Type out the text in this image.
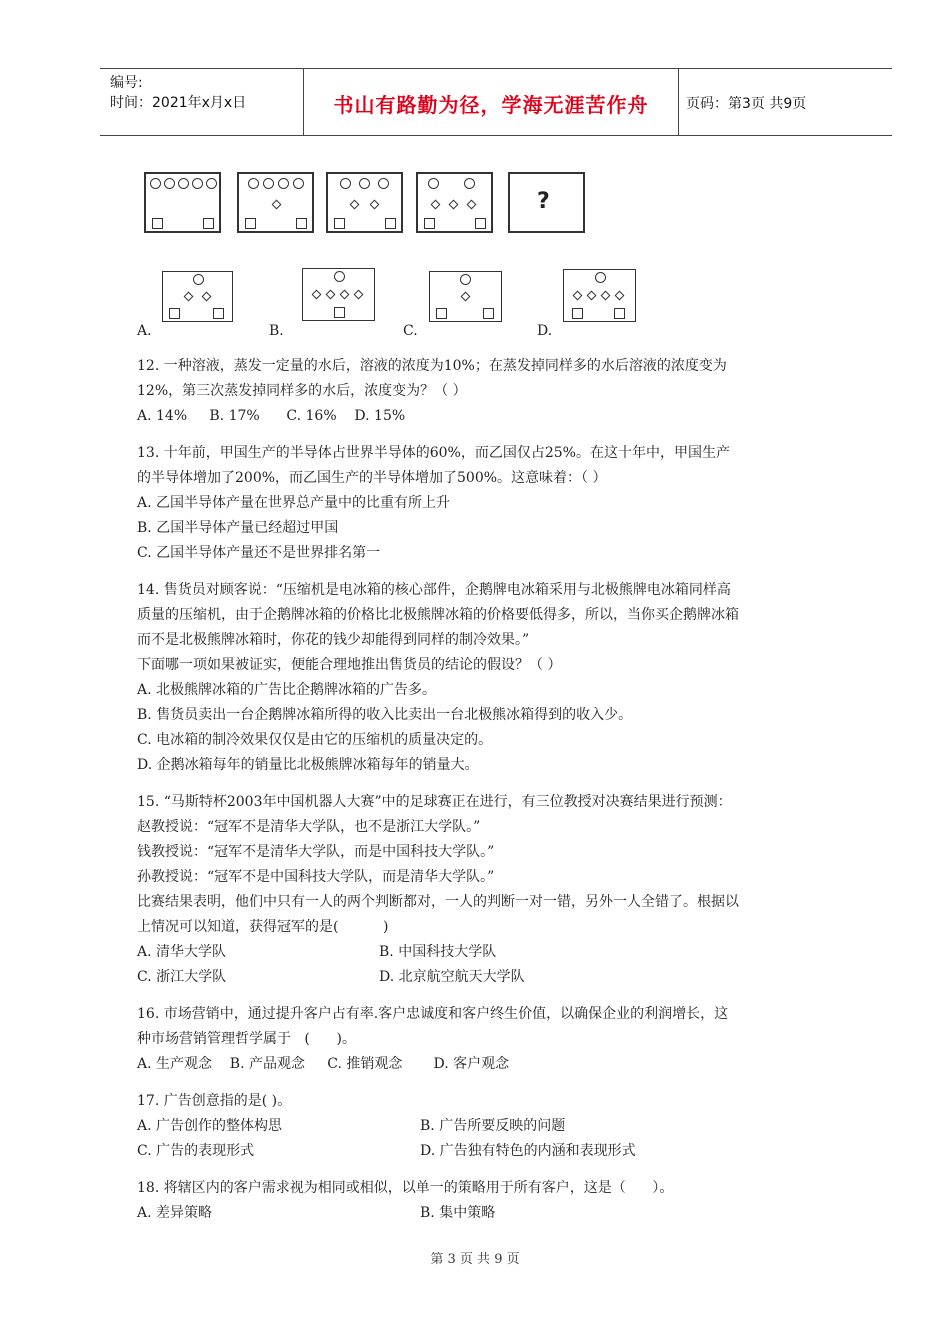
编号:
时间：2021年x月x日	书山有路勤为径，学海无涯苦作舟	页码：第3页 共9页
?
A.	B.	C.	D.
12. 一种溶液，蒸发一定量的水后，溶液的浓度为10%；在蒸发掉同样多的水后溶液的浓度变为
12%，第三次蒸发掉同样多的水后，浓度变为？（ ）
A. 14%     B. 17%      C. 16%    D. 15%
13. 十年前，甲国生产的半导体占世界半导体的60%，而乙国仅占25%。在这十年中，甲国生产
的半导体增加了200%，而乙国生产的半导体增加了500%。这意味着：（ ）
A. 乙国半导体产量在世界总产量中的比重有所上升
B. 乙国半导体产量已经超过甲国
C. 乙国半导体产量还不是世界排名第一
14. 售货员对顾客说：“压缩机是电冰箱的核心部件，企鹅牌电冰箱采用与北极熊牌电冰箱同样高
质量的压缩机，由于企鹅牌冰箱的价格比北极熊牌冰箱的价格要低得多，所以，当你买企鹅牌冰箱
而不是北极熊牌冰箱时，你花的钱少却能得到同样的制冷效果。”
下面哪一项如果被证实，便能合理地推出售货员的结论的假设？（ ）
A. 北极熊牌冰箱的广告比企鹅牌冰箱的广告多。
B. 售货员卖出一台企鹅牌冰箱所得的收入比卖出一台北极熊冰箱得到的收入少。
C. 电冰箱的制冷效果仅仅是由它的压缩机的质量决定的。
D. 企鹅冰箱每年的销量比北极熊牌冰箱每年的销量大。
15. “马斯特杯2003年中国机器人大赛”中的足球赛正在进行，有三位教授对决赛结果进行预测：
赵教授说：“冠军不是清华大学队，也不是浙江大学队。”
钱教授说：“冠军不是清华大学队，而是中国科技大学队。”
孙教授说：“冠军不是中国科技大学队，而是清华大学队。”
比赛结果表明，他们中只有一人的两个判断都对，一人的判断一对一错，另外一人全错了。根据以
上情况可以知道，获得冠军的是(          )
A. 清华大学队	B. 中国科技大学队
C. 浙江大学队	D. 北京航空航天大学队
16. 市场营销中，通过提升客户占有率.客户忠诚度和客户终生价值，以确保企业的利润增长，这
种市场营销管理哲学属于   (      )。
A. 生产观念    B. 产品观念     C. 推销观念       D. 客户观念
17. 广告创意指的是( )。
A. 广告创作的整体构思	B. 广告所要反映的问题
C. 广告的表现形式	D. 广告独有特色的内涵和表现形式
18. 将辖区内的客户需求视为相同或相似，以单一的策略用于所有客户，这是（      ）。
A. 差异策略	B. 集中策略
第 3 页 共 9 页
